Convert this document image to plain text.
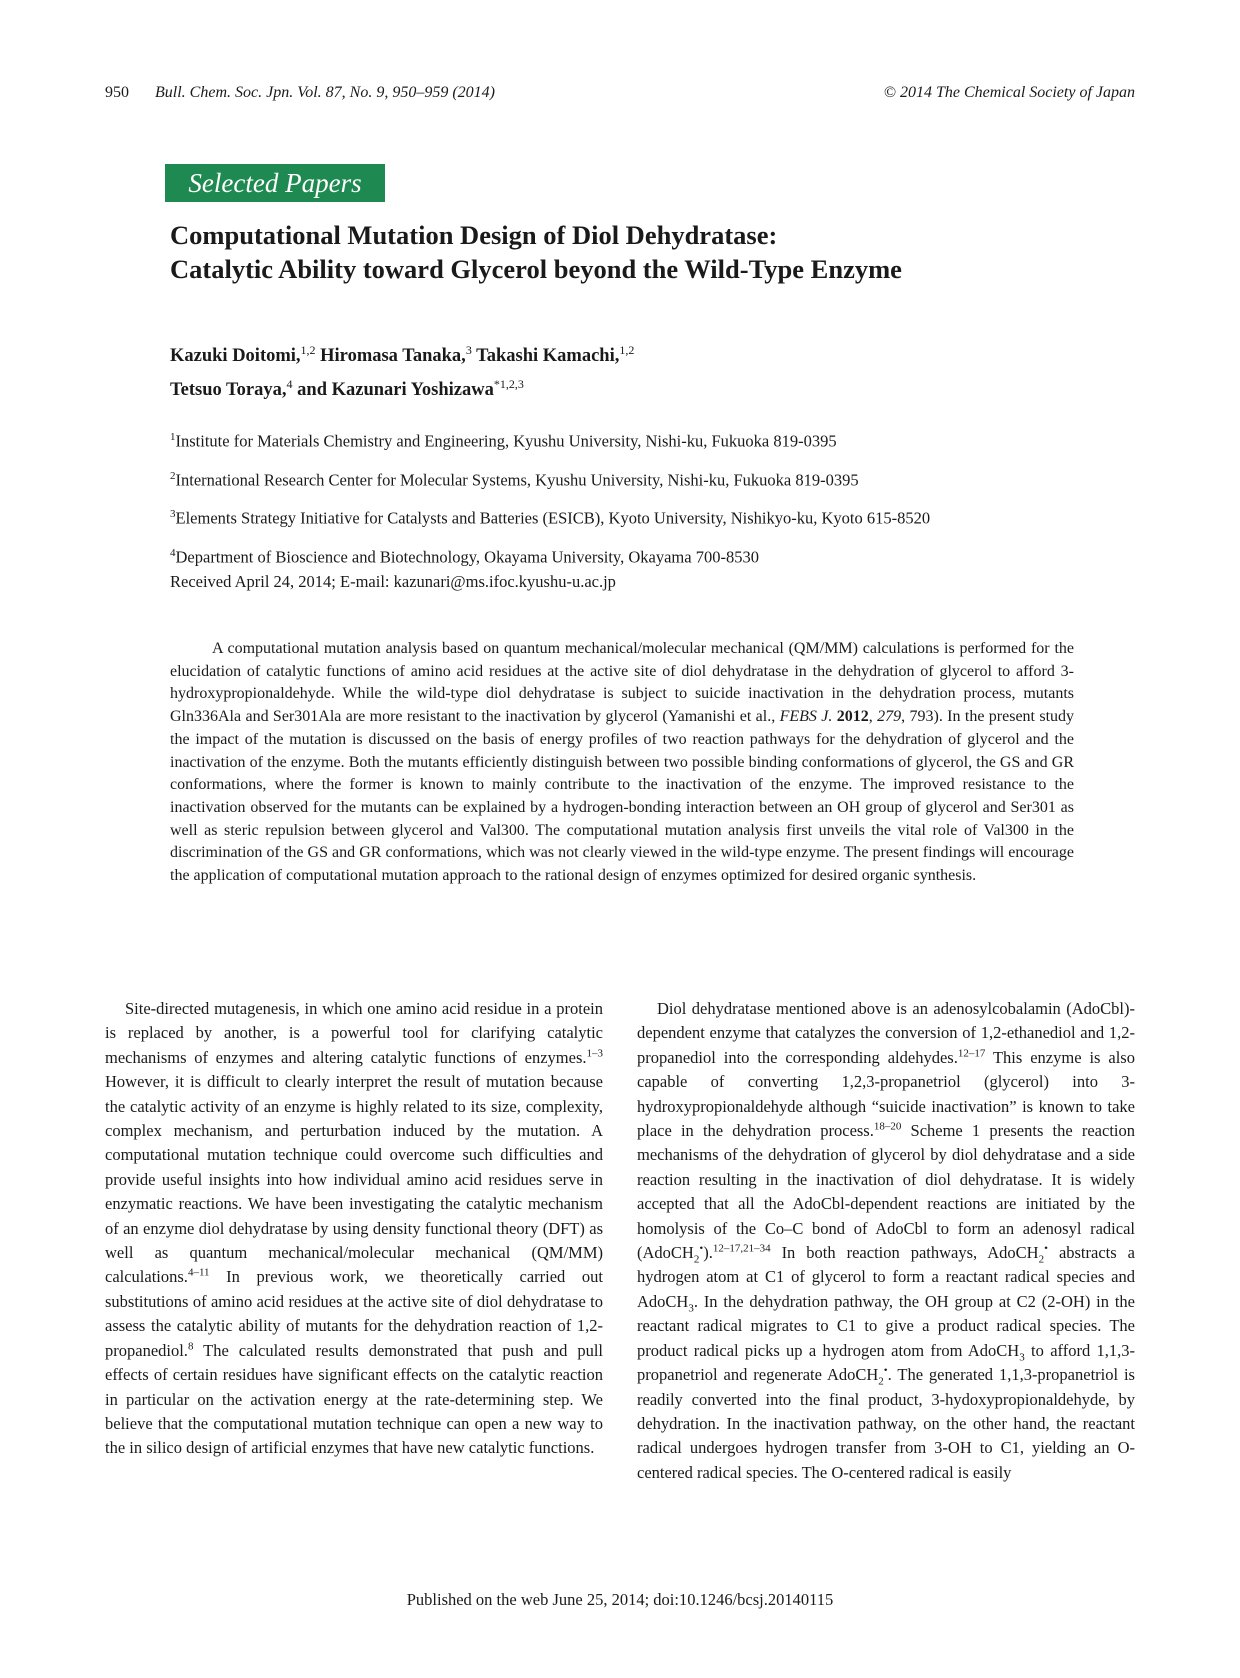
950 Bull. Chem. Soc. Jpn. Vol. 87, No. 9, 950–959 (2014)	© 2014 The Chemical Society of Japan
Selected Papers
Computational Mutation Design of Diol Dehydratase:
Catalytic Ability toward Glycerol beyond the Wild-Type Enzyme
Kazuki Doitomi,$^{1,2}$ Hiromasa Tanaka,$^3$ Takashi Kamachi,$^{1,2}$
Tetsuo Toraya,$^4$ and Kazunari Yoshizawa$^{*1,2,3}$
$^1$Institute for Materials Chemistry and Engineering, Kyushu University, Nishi-ku, Fukuoka 819-0395
$^2$International Research Center for Molecular Systems, Kyushu University, Nishi-ku, Fukuoka 819-0395
$^3$Elements Strategy Initiative for Catalysts and Batteries (ESICB), Kyoto University, Nishikyo-ku, Kyoto 615-8520
$^4$Department of Bioscience and Biotechnology, Okayama University, Okayama 700-8530
Received April 24, 2014; E-mail: kazunari@ms.ifoc.kyushu-u.ac.jp

A computational mutation analysis based on quantum mechanical/molecular mechanical (QM/MM) calculations is performed for the elucidation of catalytic functions of amino acid residues at the active site of diol dehydratase in the dehydration of glycerol to afford 3-hydroxypropionaldehyde. While the wild-type diol dehydratase is subject to suicide inactivation in the dehydration process, mutants Gln336Ala and Ser301Ala are more resistant to the inactivation by glycerol (Yamanishi et al., FEBS J. 2012, 279, 793). In the present study the impact of the mutation is discussed on the basis of energy profiles of two reaction pathways for the dehydration of glycerol and the inactivation of the enzyme. Both the mutants efficiently distinguish between two possible binding conformations of glycerol, the GS and GR conformations, where the former is known to mainly contribute to the inactivation of the enzyme. The improved resistance to the inactivation observed for the mutants can be explained by a hydrogen-bonding interaction between an OH group of glycerol and Ser301 as well as steric repulsion between glycerol and Val300. The computational mutation analysis first unveils the vital role of Val300 in the discrimination of the GS and GR conformations, which was not clearly viewed in the wild-type enzyme. The present findings will encourage the application of computational mutation approach to the rational design of enzymes optimized for desired organic synthesis.

Site-directed mutagenesis, in which one amino acid residue in a protein is replaced by another, is a powerful tool for clarifying catalytic mechanisms of enzymes and altering catalytic functions of enzymes.$^{1-3}$ However, it is difficult to clearly interpret the result of mutation because the catalytic activity of an enzyme is highly related to its size, complexity, complex mechanism, and perturbation induced by the mutation. A computational mutation technique could overcome such difficulties and provide useful insights into how individual amino acid residues serve in enzymatic reactions. We have been investigating the catalytic mechanism of an enzyme diol dehydratase by using density functional theory (DFT) as well as quantum mechanical/molecular mechanical (QM/MM) calculations.$^{4-11}$ In previous work, we theoretically carried out substitutions of amino acid residues at the active site of diol dehydratase to assess the catalytic ability of mutants for the dehydration reaction of 1,2-propanediol.$^8$ The calculated results demonstrated that push and pull effects of certain residues have significant effects on the catalytic reaction in particular on the activation energy at the rate-determining step. We believe that the computational mutation technique can open a new way to the in silico design of artificial enzymes that have new catalytic functions.

Diol dehydratase mentioned above is an adenosylcobalamin (AdoCbl)-dependent enzyme that catalyzes the conversion of 1,2-ethanediol and 1,2-propanediol into the corresponding aldehydes.$^{12-17}$ This enzyme is also capable of converting 1,2,3-propanetriol (glycerol) into 3-hydroxypropionaldehyde although “suicide inactivation” is known to take place in the dehydration process.$^{18-20}$ Scheme 1 presents the reaction mechanisms of the dehydration of glycerol by diol dehydratase and a side reaction resulting in the inactivation of diol dehydratase. It is widely accepted that all the AdoCbl-dependent reactions are initiated by the homolysis of the Co–C bond of AdoCbl to form an adenosyl radical (AdoCH$_2$•).$^{12-17,21-34}$ In both reaction pathways, AdoCH$_2$• abstracts a hydrogen atom at C1 of glycerol to form a reactant radical species and AdoCH$_3$. In the dehydration pathway, the OH group at C2 (2-OH) in the reactant radical migrates to C1 to give a product radical species. The product radical picks up a hydrogen atom from AdoCH$_3$ to afford 1,1,3-propanetriol and regenerate AdoCH$_2$•. The generated 1,1,3-propanetriol is readily converted into the final product, 3-hydoxypropionaldehyde, by dehydration. In the inactivation pathway, on the other hand, the reactant radical undergoes hydrogen transfer from 3-OH to C1, yielding an O-centered radical species. The O-centered radical is easily

Published on the web June 25, 2014; doi:10.1246/bcsj.20140115
